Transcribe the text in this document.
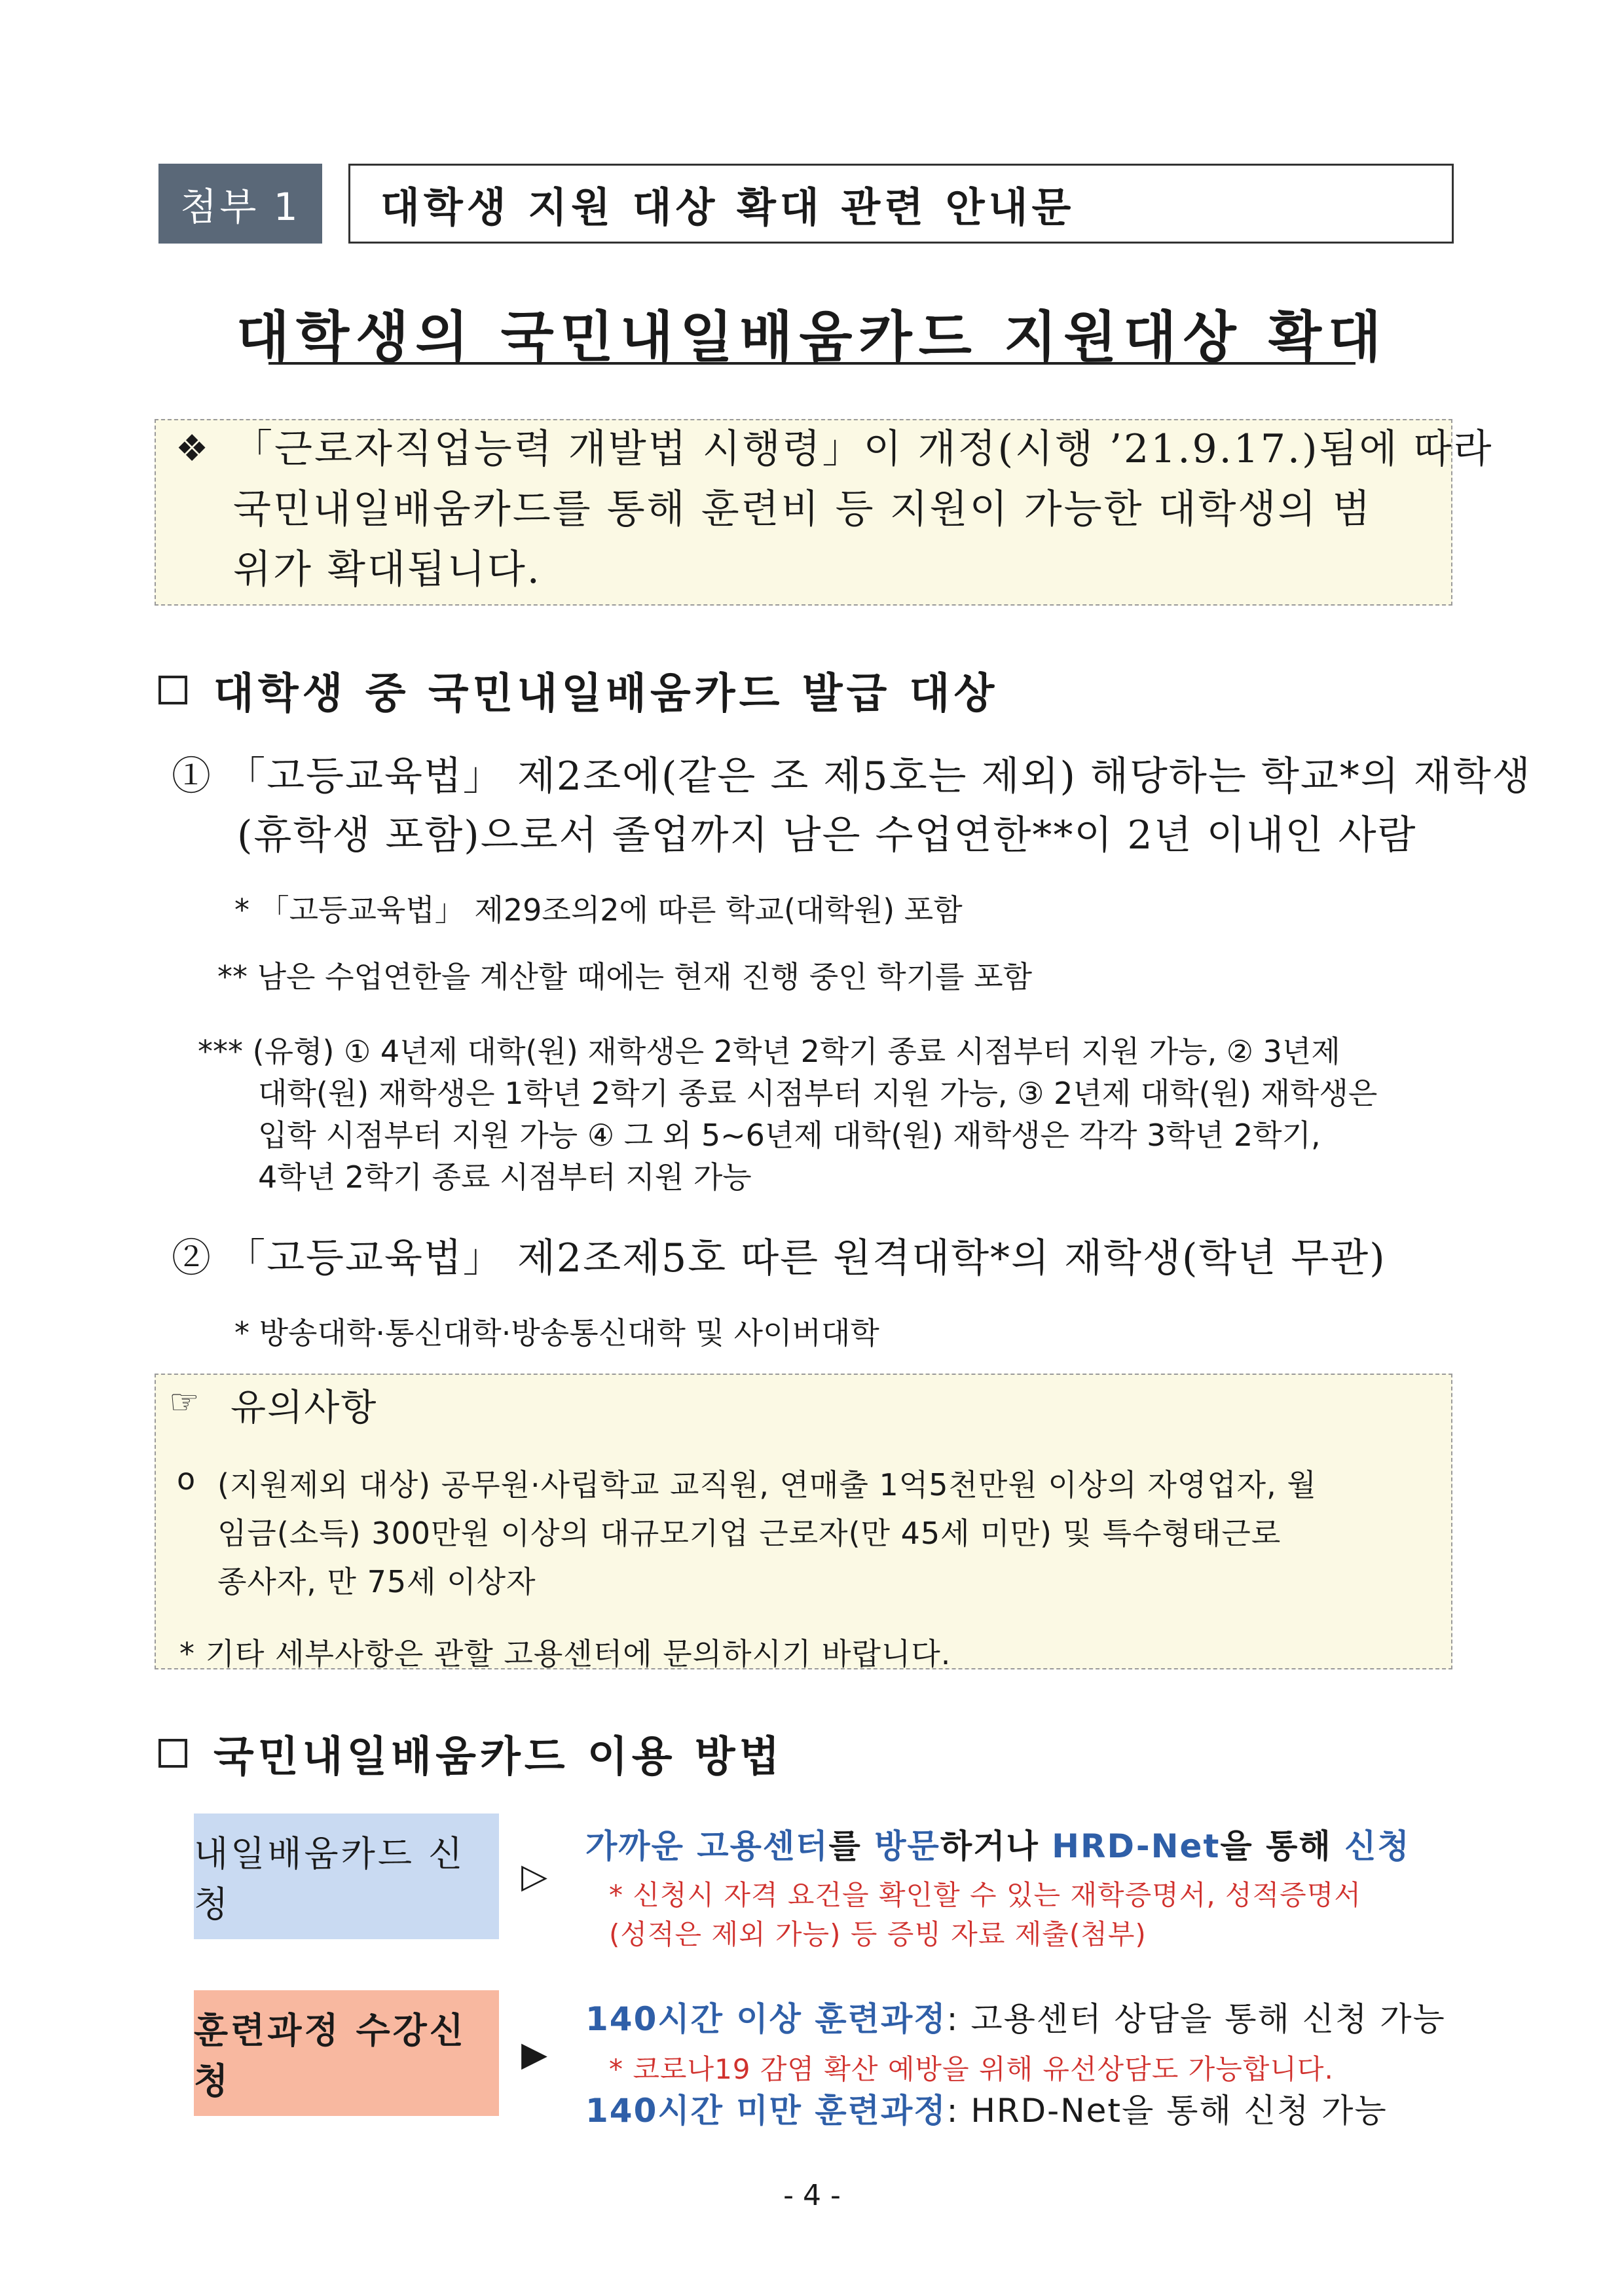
첨부 1	대학생 지원 대상 확대 관련 안내문
대학생의 국민내일배움카드 지원대상 확대
❖ 「근로자직업능력 개발법 시행령」이 개정(시행 ’21.9.17.)됨에 따라
국민내일배움카드를 통해 훈련비 등 지원이 가능한 대학생의 범
위가 확대됩니다.
대학생 중 국민내일배움카드 발급 대상
① 「고등교육법」 제2조에(같은 조 제5호는 제외) 해당하는 학교*의 재학생
(휴학생 포함)으로서 졸업까지 남은 수업연한**이 2년 이내인 사람
* 「고등교육법」 제29조의2에 따른 학교(대학원) 포함
** 남은 수업연한을 계산할 때에는 현재 진행 중인 학기를 포함
*** (유형) ① 4년제 대학(원) 재학생은 2학년 2학기 종료 시점부터 지원 가능, ② 3년제
대학(원) 재학생은 1학년 2학기 종료 시점부터 지원 가능, ③ 2년제 대학(원) 재학생은
입학 시점부터 지원 가능 ④ 그 외 5~6년제 대학(원) 재학생은 각각 3학년 2학기,
4학년 2학기 종료 시점부터 지원 가능
② 「고등교육법」 제2조제5호 따른 원격대학*의 재학생(학년 무관)
* 방송대학·통신대학·방송통신대학 및 사이버대학
☞ 유의사항
o (지원제외 대상) 공무원·사립학교 교직원, 연매출 1억5천만원 이상의 자영업자, 월
임금(소득) 300만원 이상의 대규모기업 근로자(만 45세 미만) 및 특수형태근로
종사자, 만 75세 이상자
* 기타 세부사항은 관할 고용센터에 문의하시기 바랍니다.
국민내일배움카드 이용 방법
내일배움카드 신청
▷
가까운 고용센터를 방문하거나 HRD-Net을 통해 신청
* 신청시 자격 요건을 확인할 수 있는 재학증명서, 성적증명서
(성적은 제외 가능) 등 증빙 자료 제출(첨부)
훈련과정 수강신청
▶
140시간 이상 훈련과정: 고용센터 상담을 통해 신청 가능
* 코로나19 감염 확산 예방을 위해 유선상담도 가능합니다.
140시간 미만 훈련과정: HRD-Net을 통해 신청 가능
- 4 -
